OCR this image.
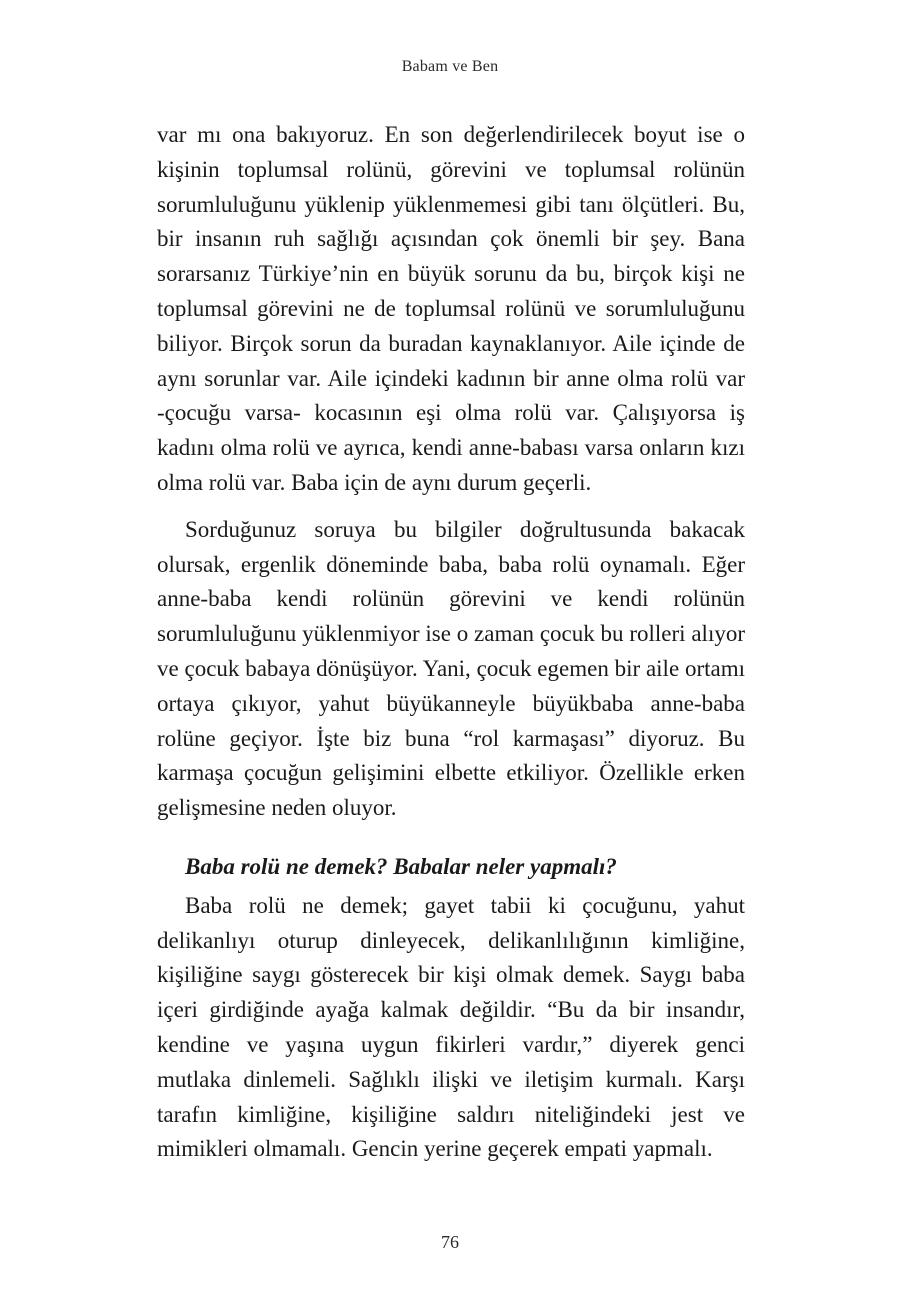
Babam ve Ben

var mı ona bakıyoruz. En son değerlendirilecek boyut ise o kişinin toplumsal rolünü, görevini ve toplumsal rolünün sorumluluğunu yüklenip yüklenmemesi gibi tanı ölçütleri. Bu, bir insanın ruh sağlığı açısından çok önemli bir şey. Bana sorarsanız Türkiye’nin en büyük sorunu da bu, birçok kişi ne toplumsal görevini ne de toplumsal rolünü ve sorumluluğunu biliyor. Birçok sorun da buradan kaynaklanıyor. Aile içinde de aynı sorunlar var. Aile içindeki kadının bir anne olma rolü var -çocuğu varsa- kocasının eşi olma rolü var. Çalışıyorsa iş kadını olma rolü ve ayrıca, kendi anne-babası varsa onların kızı olma rolü var. Baba için de aynı durum geçerli.

Sorduğunuz soruya bu bilgiler doğrultusunda bakacak olursak, ergenlik döneminde baba, baba rolü oynamalı. Eğer anne-baba kendi rolünün görevini ve kendi rolünün sorumluluğunu yüklenmiyor ise o zaman çocuk bu rolleri alıyor ve çocuk babaya dönüşüyor. Yani, çocuk egemen bir aile ortamı ortaya çıkıyor, yahut büyükanneyle büyükbaba anne-baba rolüne geçiyor. İşte biz buna “rol karmaşası” diyoruz. Bu karmaşa çocuğun gelişimini elbette etkiliyor. Özellikle erken gelişmesine neden oluyor.

Baba rolü ne demek? Babalar neler yapmalı?

Baba rolü ne demek; gayet tabii ki çocuğunu, yahut delikanlıyı oturup dinleyecek, delikanlılığının kimliğine, kişiliğine saygı gösterecek bir kişi olmak demek. Saygı baba içeri girdiğinde ayağa kalmak değildir. “Bu da bir insandır, kendine ve yaşına uygun fikirleri vardır,” diyerek genci mutlaka dinlemeli. Sağlıklı ilişki ve iletişim kurmalı. Karşı tarafın kimliğine, kişiliğine saldırı niteliğindeki jest ve mimikleri olmamalı. Gencin yerine geçerek empati yapmalı.

76
